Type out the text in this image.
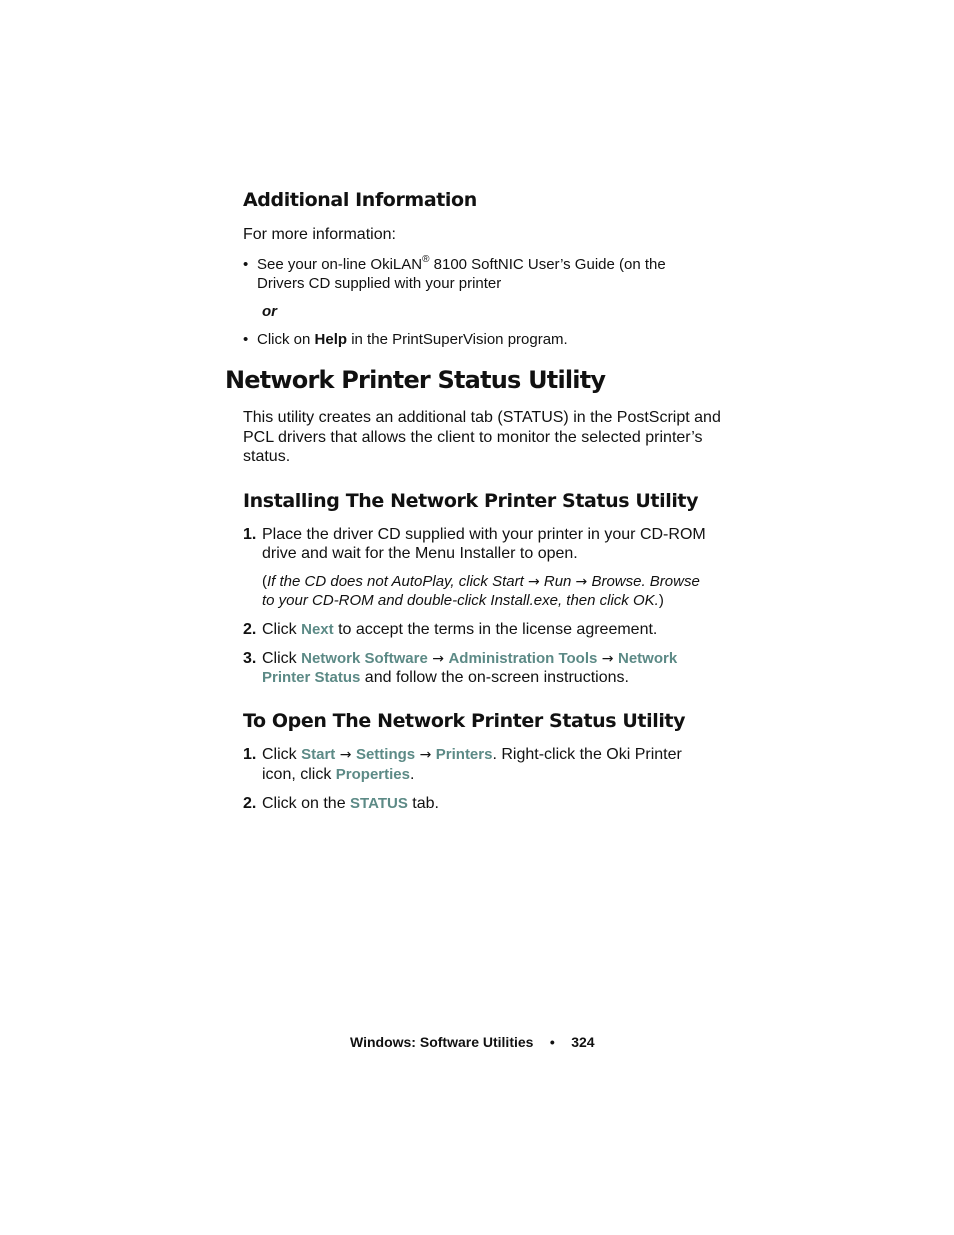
Additional Information
For more information:
• See your on-line OkiLAN® 8100 SoftNIC User’s Guide (on the
Drivers CD supplied with your printer
or
• Click on Help in the PrintSuperVision program.
Network Printer Status Utility
This utility creates an additional tab (STATUS) in the PostScript and
PCL drivers that allows the client to monitor the selected printer’s
status.
Installing The Network Printer Status Utility
1. Place the driver CD supplied with your printer in your CD-ROM
drive and wait for the Menu Installer to open.
(If the CD does not AutoPlay, click Start → Run → Browse. Browse
to your CD-ROM and double-click Install.exe, then click OK.)
2. Click Next to accept the terms in the license agreement.
3. Click Network Software → Administration Tools → Network
Printer Status and follow the on-screen instructions.
To Open The Network Printer Status Utility
1. Click Start → Settings → Printers. Right-click the Oki Printer
icon, click Properties.
2. Click on the STATUS tab.
Windows: Software Utilities • 324
